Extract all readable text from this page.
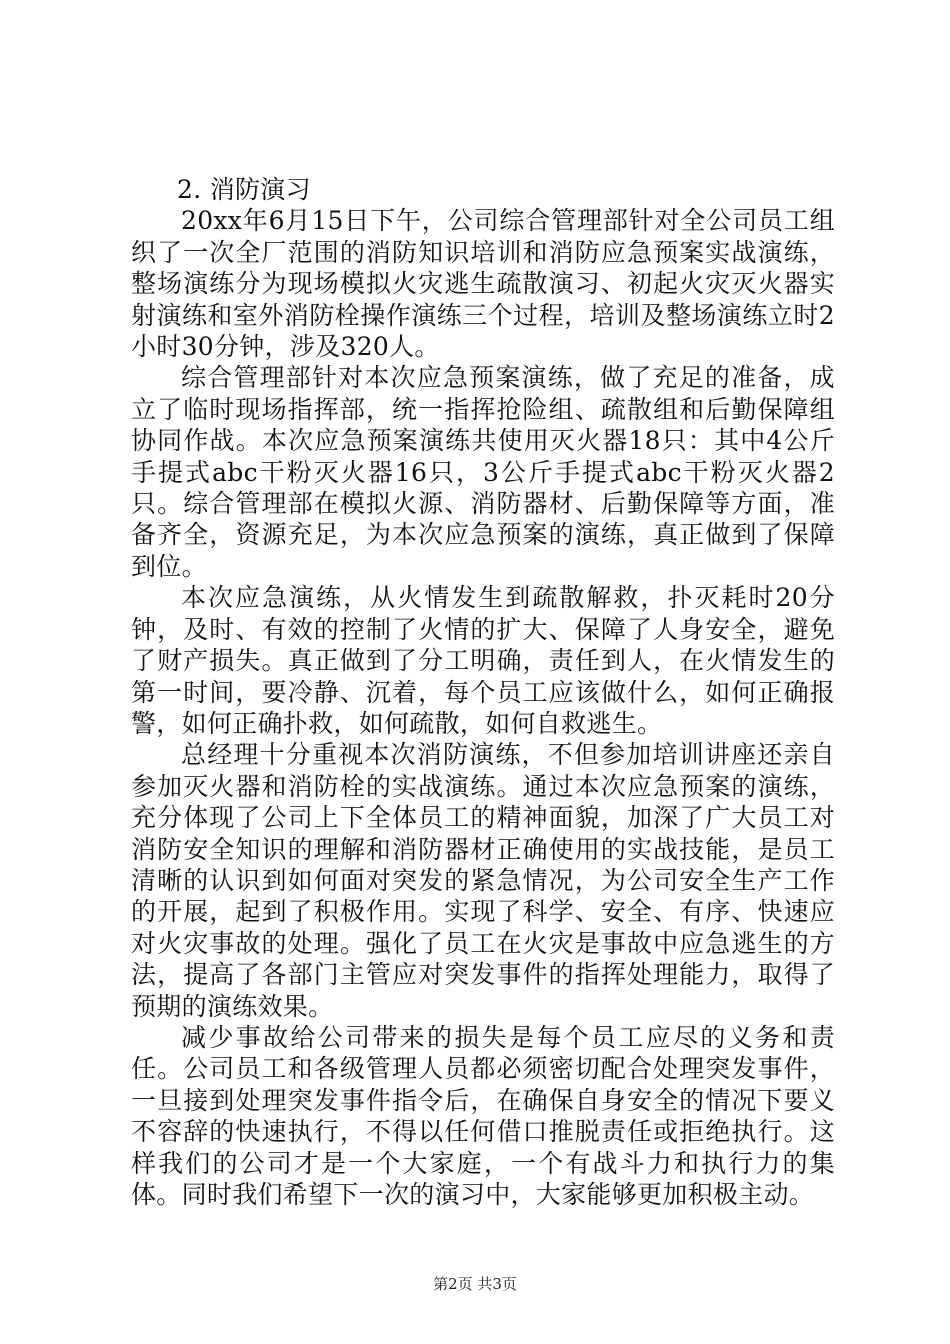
2. 消防演习

20xx年6月15日下午，公司综合管理部针对全公司员工组织了一次全厂范围的消防知识培训和消防应急预案实战演练，整场演练分为现场模拟火灾逃生疏散演习、初起火灾灭火器实射演练和室外消防栓操作演练三个过程，培训及整场演练立时2小时30分钟，涉及320人。

综合管理部针对本次应急预案演练，做了充足的准备，成立了临时现场指挥部，统一指挥抢险组、疏散组和后勤保障组协同作战。本次应急预案演练共使用灭火器18只：其中4公斤手提式abc干粉灭火器16只，3公斤手提式abc干粉灭火器2只。综合管理部在模拟火源、消防器材、后勤保障等方面，准备齐全，资源充足，为本次应急预案的演练，真正做到了保障到位。

本次应急演练，从火情发生到疏散解救，扑灭耗时20分钟，及时、有效的控制了火情的扩大、保障了人身安全，避免了财产损失。真正做到了分工明确，责任到人，在火情发生的第一时间，要冷静、沉着，每个员工应该做什么，如何正确报警，如何正确扑救，如何疏散，如何自救逃生。

总经理十分重视本次消防演练，不但参加培训讲座还亲自参加灭火器和消防栓的实战演练。通过本次应急预案的演练，充分体现了公司上下全体员工的精神面貌，加深了广大员工对消防安全知识的理解和消防器材正确使用的实战技能，是员工清晰的认识到如何面对突发的紧急情况，为公司安全生产工作的开展，起到了积极作用。实现了科学、安全、有序、快速应对火灾事故的处理。强化了员工在火灾是事故中应急逃生的方法，提高了各部门主管应对突发事件的指挥处理能力，取得了预期的演练效果。

减少事故给公司带来的损失是每个员工应尽的义务和责任。公司员工和各级管理人员都必须密切配合处理突发事件，一旦接到处理突发事件指令后，在确保自身安全的情况下要义不容辞的快速执行，不得以任何借口推脱责任或拒绝执行。这样我们的公司才是一个大家庭，一个有战斗力和执行力的集体。同时我们希望下一次的演习中，大家能够更加积极主动。

第2页 共3页
